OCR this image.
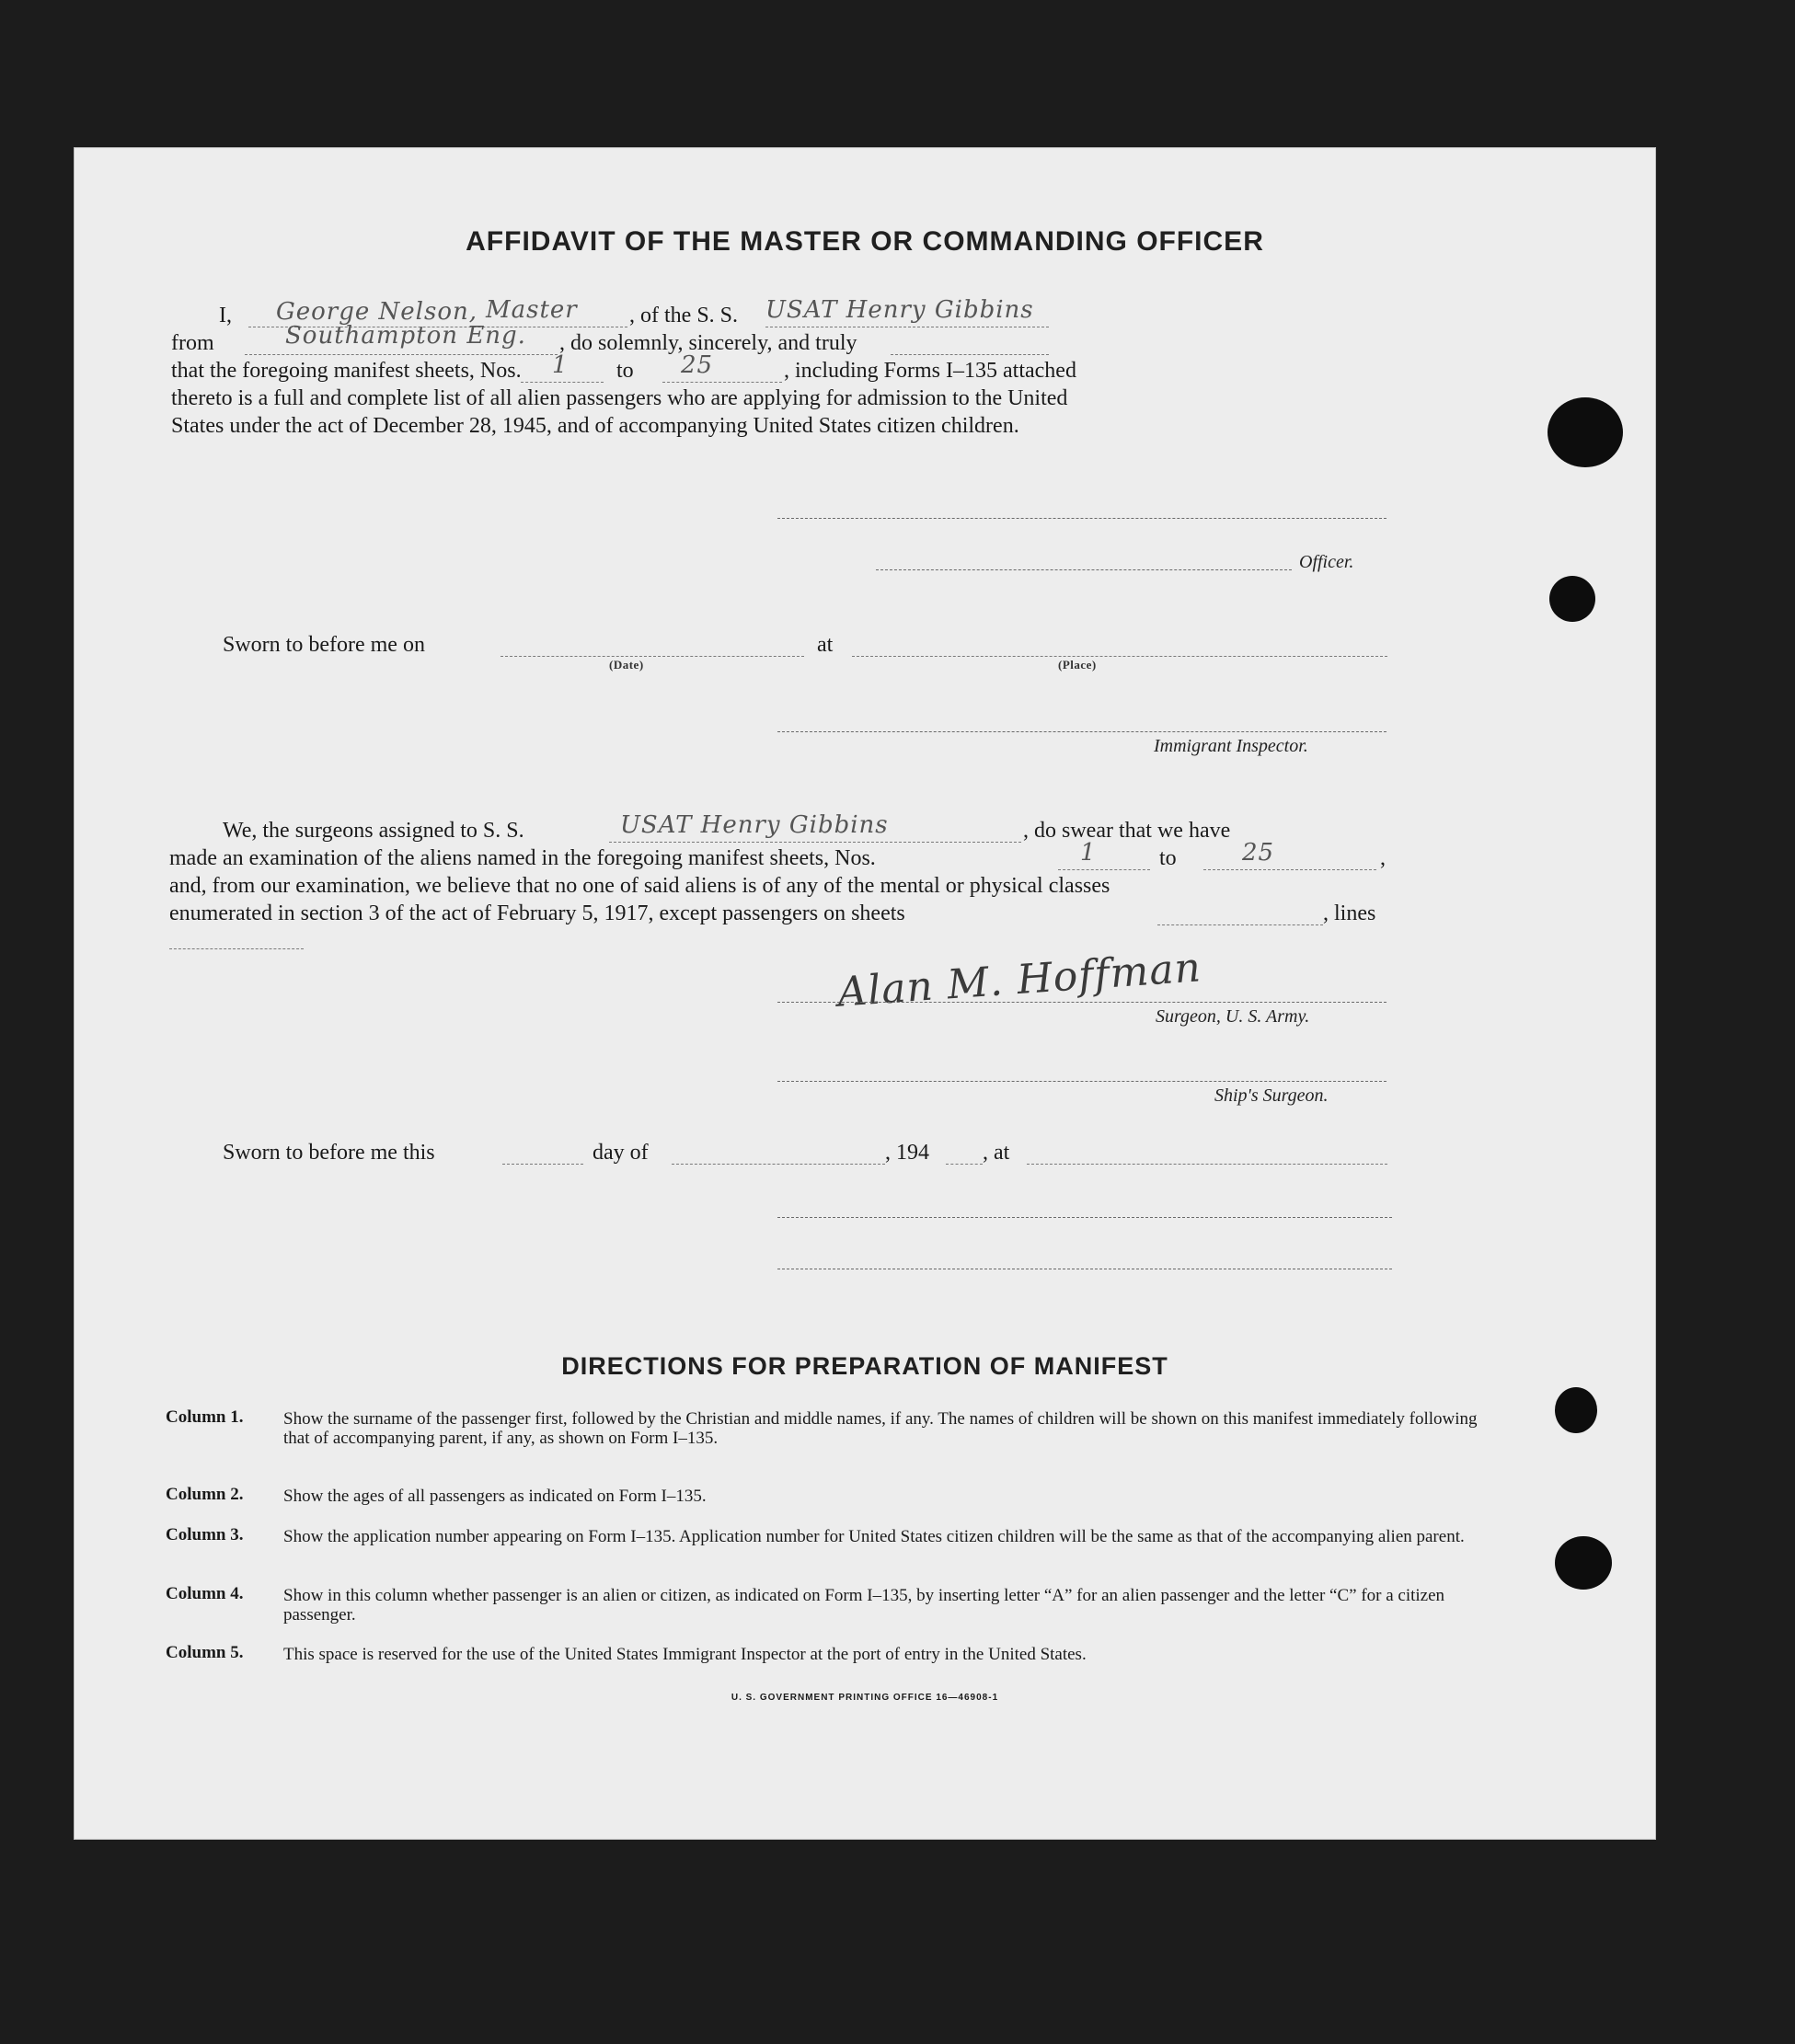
AFFIDAVIT OF THE MASTER OR COMMANDING OFFICER
I, George Nelson, Master , of the S. S. USAT Henry Gibbins
from	Southampton Eng. , do solemnly, sincerely, and truly
that the foregoing manifest sheets, Nos. 1 to 25	, including Forms I–135 attached
thereto is a full and complete list of all alien passengers who are applying for admission to the United
States under the act of December 28, 1945, and of accompanying United States citizen children.
Officer.
Sworn to before me on	at
(Date)	(Place)
Immigrant Inspector.
We, the surgeons assigned to S. S.	USAT Henry Gibbins	, do swear that we have
made an examination of the aliens named in the foregoing manifest sheets, Nos.	1	to	25	,
and, from our examination, we believe that no one of said aliens is of any of the mental or physical classes
enumerated in section 3 of the act of February 5, 1917, except passengers on sheets	, lines
Alan M. Hoffman
Surgeon, U. S. Army.
Ship's Surgeon.
Sworn to before me this	day of	, 194 , at
DIRECTIONS FOR PREPARATION OF MANIFEST
Column 1.	Show the surname of the passenger first, followed by the Christian and middle names, if any. The names of children will be shown on this manifest immediately following that of accompanying parent, if any, as shown on Form I–135.
Column 2.	Show the ages of all passengers as indicated on Form I–135.
Column 3.	Show the application number appearing on Form I–135. Application number for United States citizen children will be the same as that of the accompanying alien parent.
Column 4.	Show in this column whether passenger is an alien or citizen, as indicated on Form I–135, by inserting letter “A” for an alien passenger and the letter “C” for a citizen passenger.
Column 5.	This space is reserved for the use of the United States Immigrant Inspector at the port of entry in the United States.
U. S. GOVERNMENT PRINTING OFFICE 16—46908-1
